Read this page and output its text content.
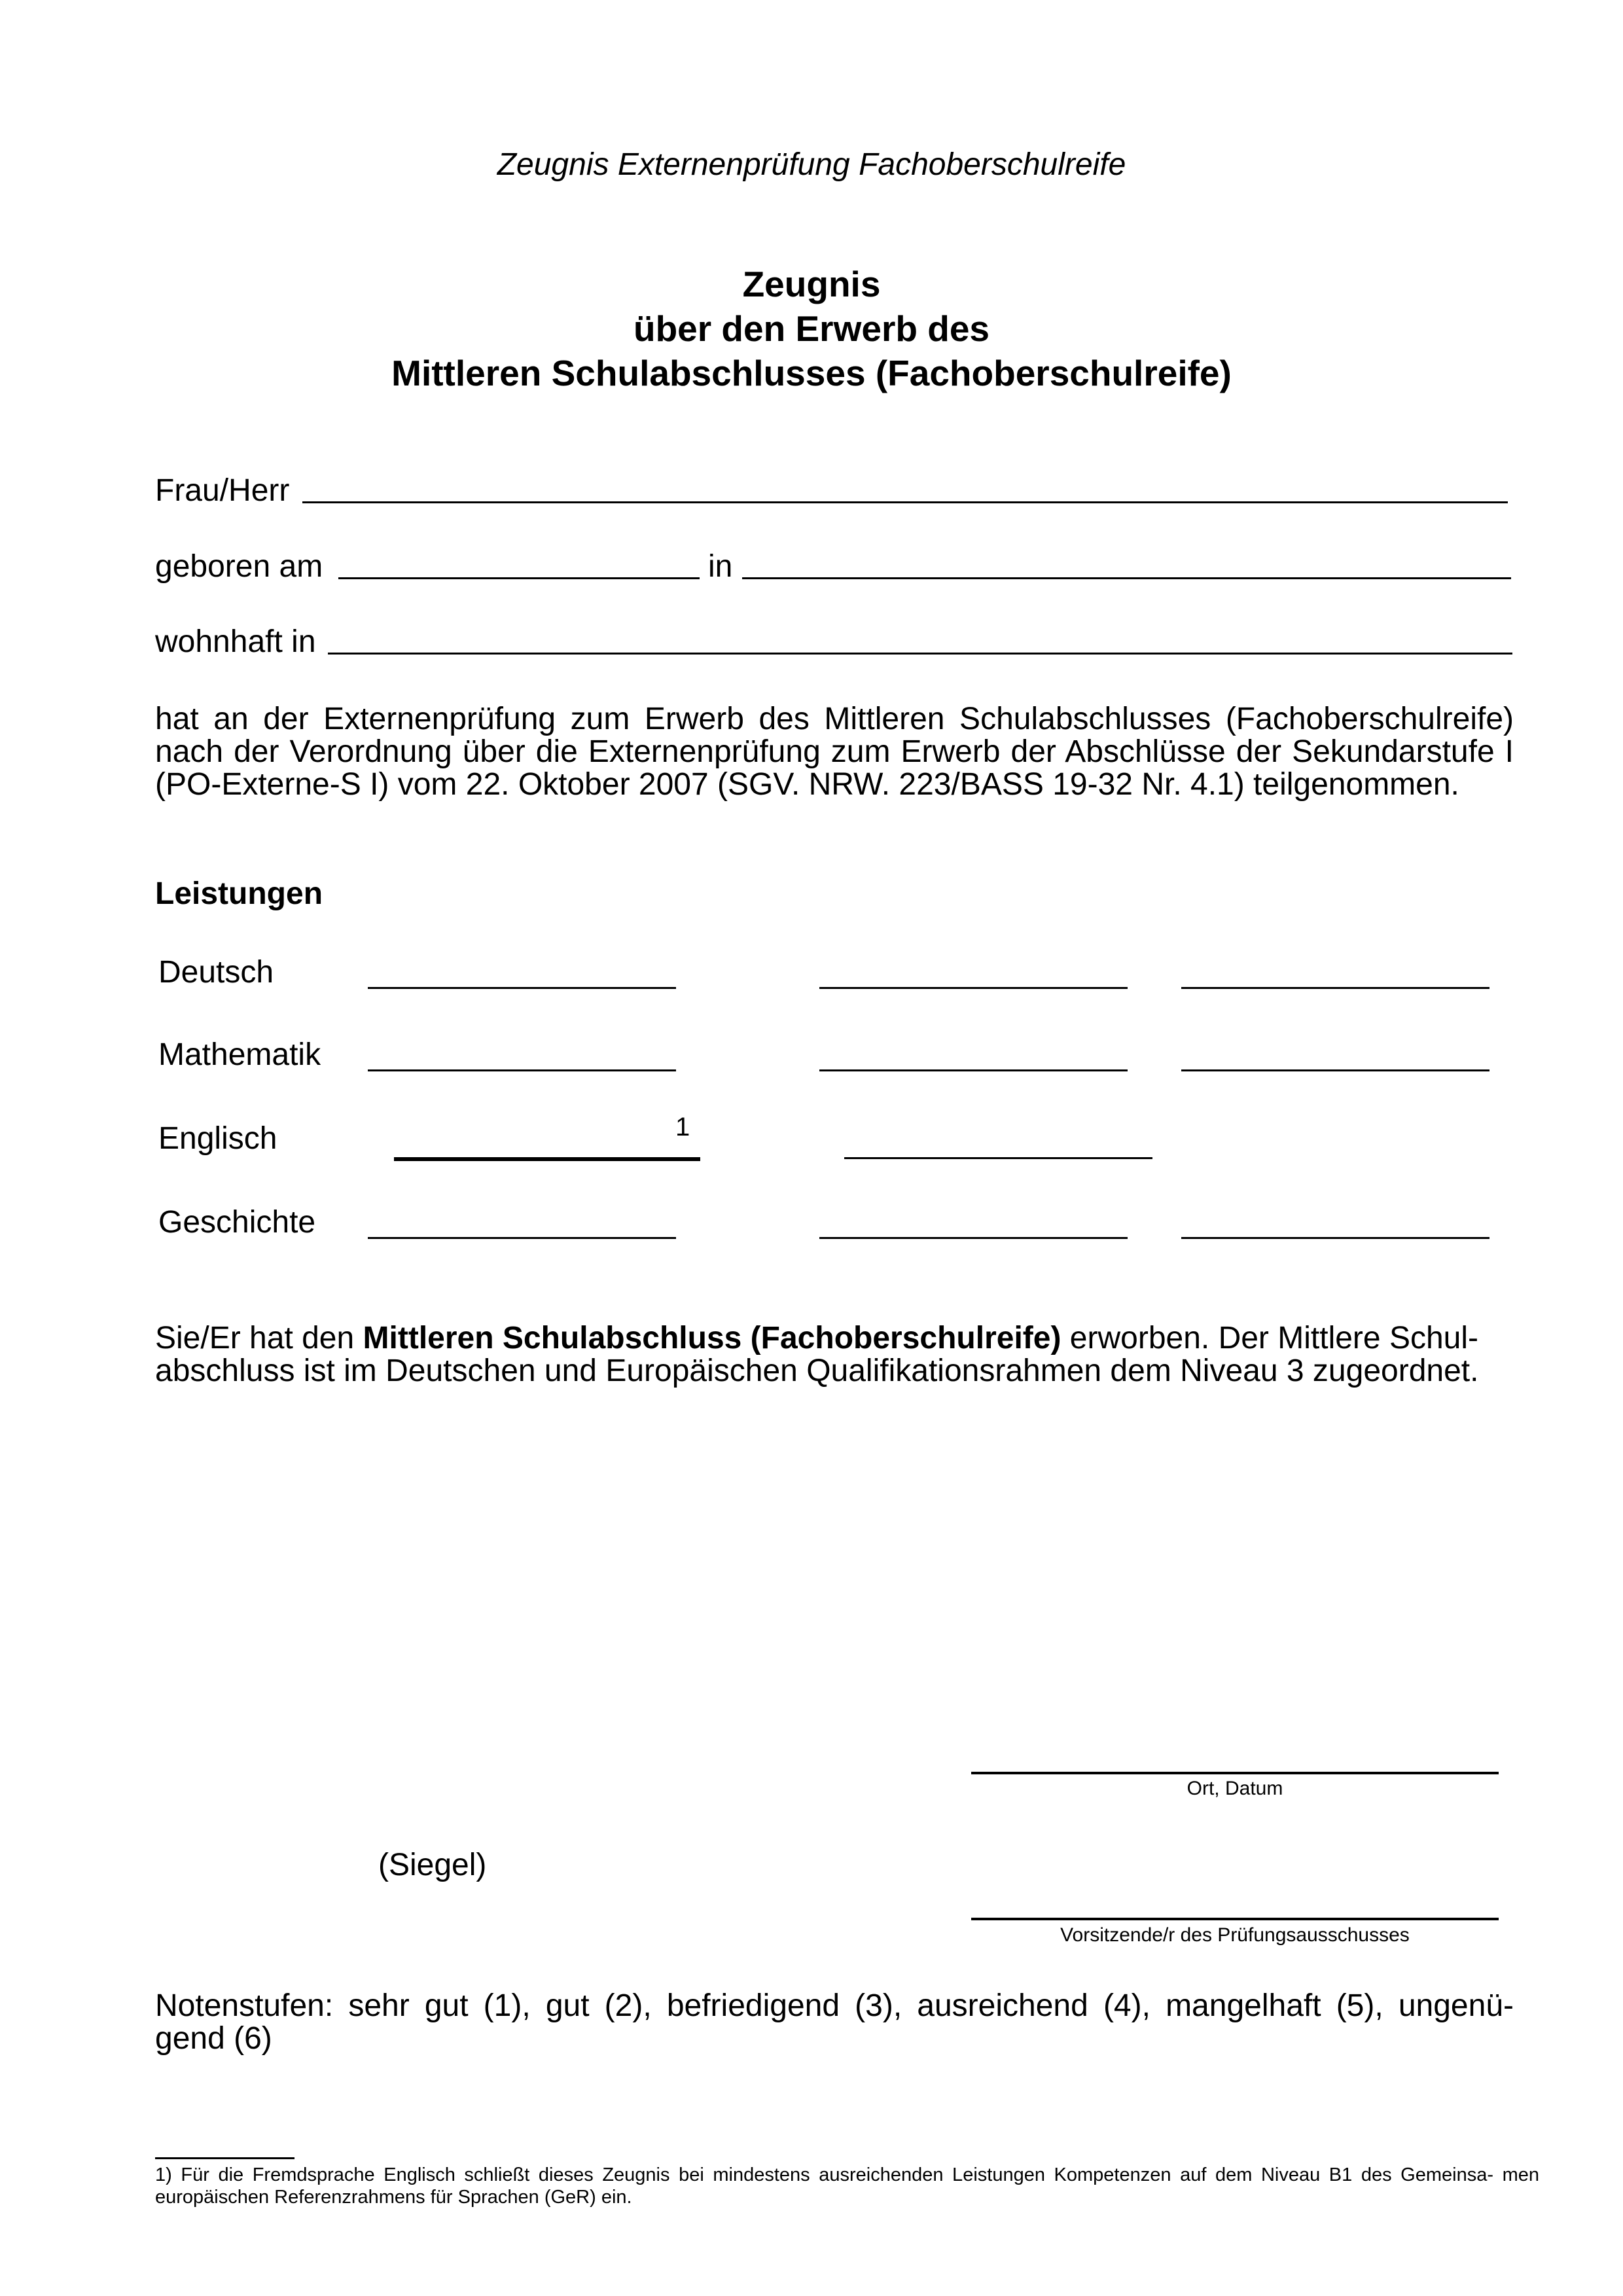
Zeugnis Externenprüfung Fachoberschulreife
Zeugnis
über den Erwerb des
Mittleren Schulabschlusses (Fachoberschulreife)
Frau/Herr
geboren am	in
wohnhaft in
hat an der Externenprüfung zum Erwerb des Mittleren Schulabschlusses (Fachoberschulreife) nach der Verordnung über die Externenprüfung zum Erwerb der Abschlüsse der Sekundarstufe I (PO-Externe-S I) vom 22. Oktober 2007 (SGV. NRW. 223/BASS 19-32 Nr. 4.1) teilgenommen.
Leistungen
Deutsch
Mathematik
Englisch	1
Geschichte
Sie/Er hat den Mittleren Schulabschluss (Fachoberschulreife) erworben. Der Mittlere Schul- abschluss ist im Deutschen und Europäischen Qualifikationsrahmen dem Niveau 3 zugeordnet.
Ort, Datum
(Siegel)
Vorsitzende/r des Prüfungsausschusses
Notenstufen: sehr gut (1), gut (2), befriedigend (3), ausreichend (4), mangelhaft (5), ungenü- gend (6)
1) Für die Fremdsprache Englisch schließt dieses Zeugnis bei mindestens ausreichenden Leistungen Kompetenzen auf dem Niveau B1 des Gemeinsa- men europäischen Referenzrahmens für Sprachen (GeR) ein.
